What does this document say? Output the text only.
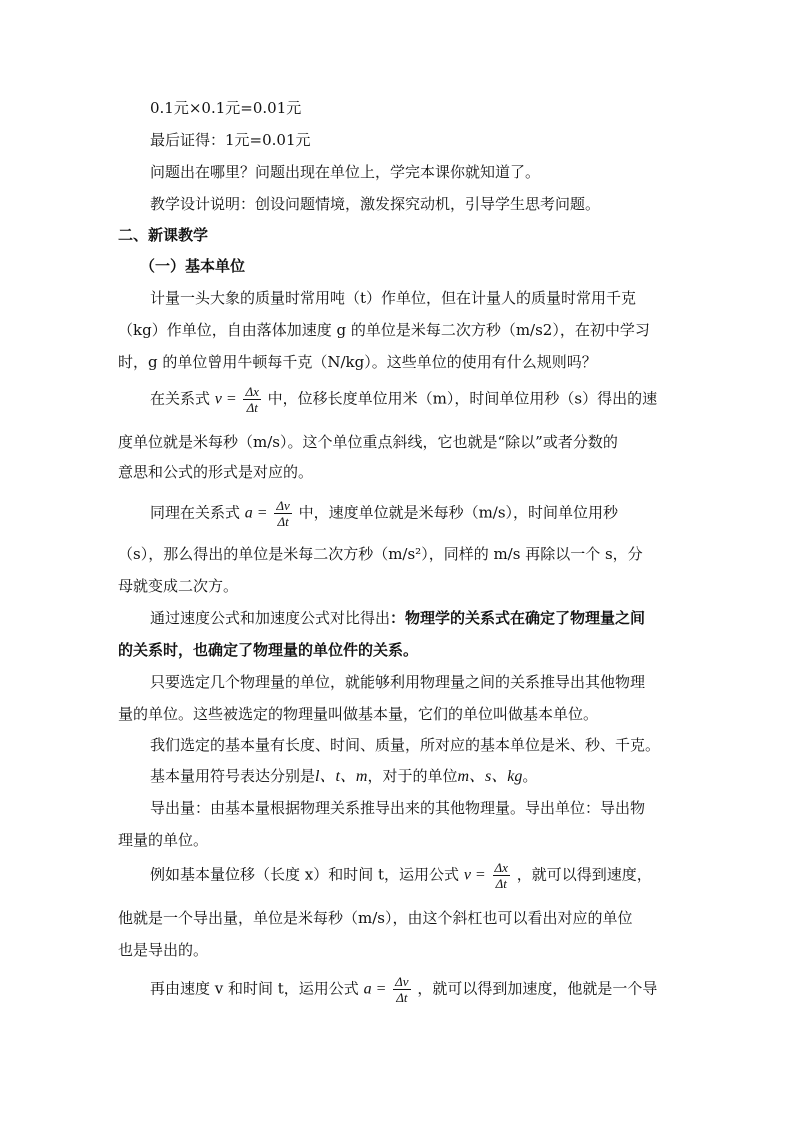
0.1元×0.1元=0.01元
最后证得：1元=0.01元
问题出在哪里？问题出现在单位上，学完本课你就知道了。
教学设计说明：创设问题情境，激发探究动机，引导学生思考问题。
二、新课教学
（一）基本单位
计量一头大象的质量时常用吨（t）作单位，但在计量人的质量时常用千克
（kg）作单位，自由落体加速度 g 的单位是米每二次方秒（m/s2），在初中学习
时，g 的单位曾用牛顿每千克（N/kg）。这些单位的使用有什么规则吗？
在关系式 $v = \frac{\Delta x}{\Delta t}$ 中，位移长度单位用米（m），时间单位用秒（s）得出的速
度单位就是米每秒（m/s）。这个单位重点斜线，它也就是“除以”或者分数的
意思和公式的形式是对应的。
同理在关系式 $a = \frac{\Delta v}{\Delta t}$ 中，速度单位就是米每秒（m/s），时间单位用秒
（s），那么得出的单位是米每二次方秒（m/s²），同样的 m/s 再除以一个 s，分
母就变成二次方。
通过速度公式和加速度公式对比得出：物理学的关系式在确定了物理量之间
的关系时，也确定了物理量的单位件的关系。
只要选定几个物理量的单位，就能够利用物理量之间的关系推导出其他物理
量的单位。这些被选定的物理量叫做基本量，它们的单位叫做基本单位。
我们选定的基本量有长度、时间、质量，所对应的基本单位是米、秒、千克。
基本量用符号表达分别是l、t、m，对于的单位m、s、kg。
导出量：由基本量根据物理关系推导出来的其他物理量。导出单位：导出物
理量的单位。
例如基本量位移（长度 x）和时间 t，运用公式 $v = \frac{\Delta x}{\Delta t}$ ，就可以得到速度，
他就是一个导出量，单位是米每秒（m/s），由这个斜杠也可以看出对应的单位
也是导出的。
再由速度 v 和时间 t，运用公式 $a = \frac{\Delta v}{\Delta t}$ ，就可以得到加速度，他就是一个导
